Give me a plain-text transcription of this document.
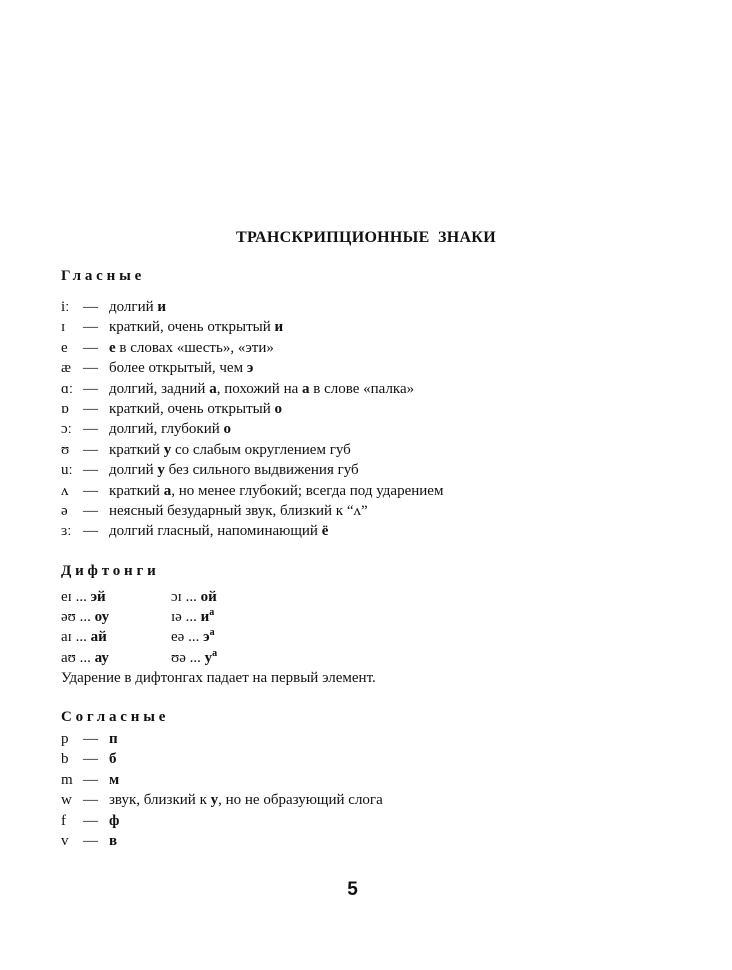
ТРАНСКРИПЦИОННЫЕ ЗНАКИ
Гласные
iː — долгий и
ɪ — краткий, очень открытый и
e — е в словах «шесть», «эти»
æ — более открытый, чем э
ɑː — долгий, задний а, похожий на а в слове «палка»
ɒ — краткий, очень открытый о
ɔː — долгий, глубокий о
ʊ — краткий у со слабым округлением губ
uː — долгий у без сильного выдвижения губ
ʌ — краткий а, но менее глубокий; всегда под ударением
ə — неясный безударный звук, близкий к “ʌ”
ɜː — долгий гласный, напоминающий ё
Дифтонги
eɪ ... эй	ɔɪ ... ой
əʊ ... оу	ɪə ... $и^а$
aɪ ... ай	eə ... $э^а$
aʊ ... ау	ʊə ... $у^а$
Ударение в дифтонгах падает на первый элемент.
Согласные
p — п
b — б
m — м
w — звук, близкий к у, но не образующий слога
f — ф
v — в
5
